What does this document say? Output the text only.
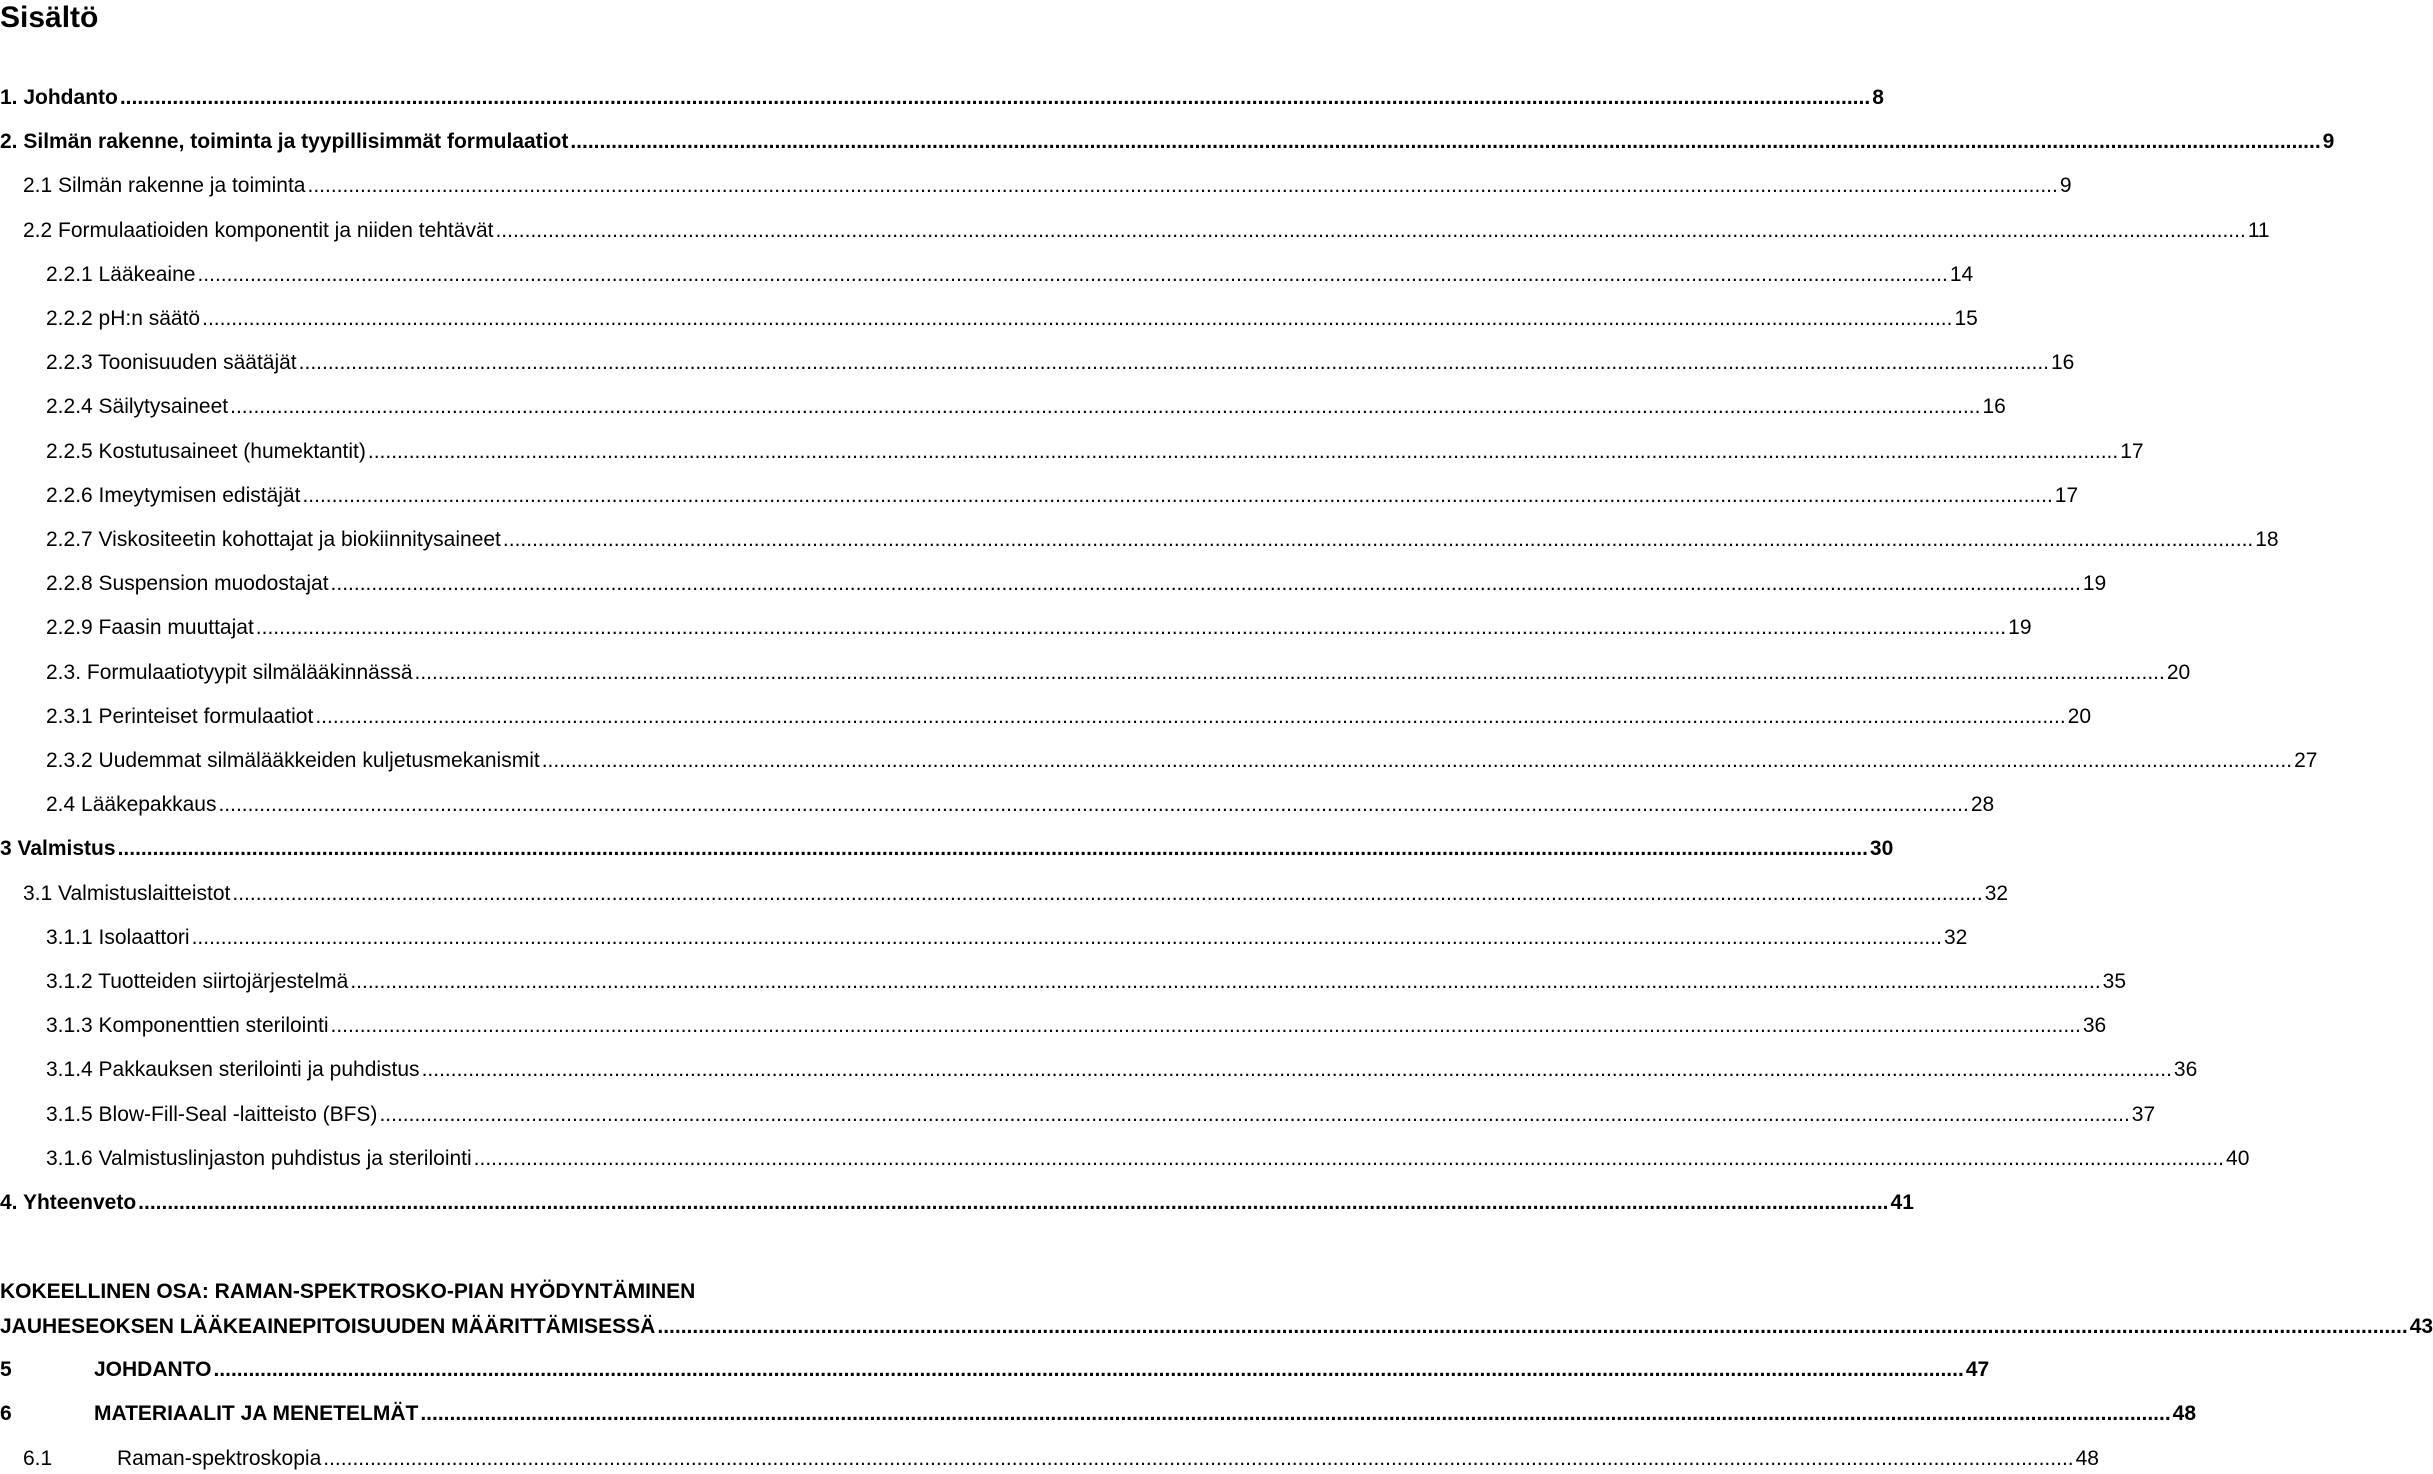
Sisältö
1. Johdanto ............................................................................................................................................................................................................................................................................................................ 8
2. Silmän rakenne, toiminta ja tyypillisimmät formulaatiot ............................................................................................................................................................................................................................................................................................................ 9
2.1 Silmän rakenne ja toiminta ............................................................................................................................................................................................................................................................................................................ 9
2.2 Formulaatioiden komponentit ja niiden tehtävät ............................................................................................................................................................................................................................................................................................................ 11
2.2.1 Lääkeaine ............................................................................................................................................................................................................................................................................................................ 14
2.2.2 pH:n säätö ............................................................................................................................................................................................................................................................................................................ 15
2.2.3 Toonisuuden säätäjät ............................................................................................................................................................................................................................................................................................................ 16
2.2.4 Säilytysaineet ............................................................................................................................................................................................................................................................................................................ 16
2.2.5 Kostutusaineet (humektantit) ............................................................................................................................................................................................................................................................................................................ 17
2.2.6 Imeytymisen edistäjät ............................................................................................................................................................................................................................................................................................................ 17
2.2.7 Viskositeetin kohottajat ja biokiinnitysaineet ............................................................................................................................................................................................................................................................................................................ 18
2.2.8 Suspension muodostajat ............................................................................................................................................................................................................................................................................................................ 19
2.2.9 Faasin muuttajat ............................................................................................................................................................................................................................................................................................................ 19
2.3. Formulaatiotyypit silmälääkinnässä ............................................................................................................................................................................................................................................................................................................ 20
2.3.1 Perinteiset formulaatiot ............................................................................................................................................................................................................................................................................................................ 20
2.3.2 Uudemmat silmälääkkeiden kuljetusmekanismit ............................................................................................................................................................................................................................................................................................................ 27
2.4 Lääkepakkaus ............................................................................................................................................................................................................................................................................................................ 28
3 Valmistus ............................................................................................................................................................................................................................................................................................................ 30
3.1 Valmistuslaitteistot ............................................................................................................................................................................................................................................................................................................ 32
3.1.1 Isolaattori ............................................................................................................................................................................................................................................................................................................ 32
3.1.2 Tuotteiden siirtojärjestelmä ............................................................................................................................................................................................................................................................................................................ 35
3.1.3 Komponenttien sterilointi ............................................................................................................................................................................................................................................................................................................ 36
3.1.4 Pakkauksen sterilointi ja puhdistus ............................................................................................................................................................................................................................................................................................................ 36
3.1.5 Blow-Fill-Seal -laitteisto (BFS) ............................................................................................................................................................................................................................................................................................................ 37
3.1.6 Valmistuslinjaston puhdistus ja sterilointi ............................................................................................................................................................................................................................................................................................................ 40
4. Yhteenveto ............................................................................................................................................................................................................................................................................................................ 41
KOKEELLINEN OSA: RAMAN-SPEKTROSKO-PIAN HYÖDYNTÄMINEN
JAUHESEOKSEN LÄÄKEAINEPITOISUUDEN MÄÄRITTÄMISESSÄ ............................................................................................................................................................................................................................................................................................................ 43
5	JOHDANTO ............................................................................................................................................................................................................................................................................................................ 47
6	MATERIAALIT JA MENETELMÄT ............................................................................................................................................................................................................................................................................................................ 48
6.1	Raman-spektroskopia ............................................................................................................................................................................................................................................................................................................ 48
